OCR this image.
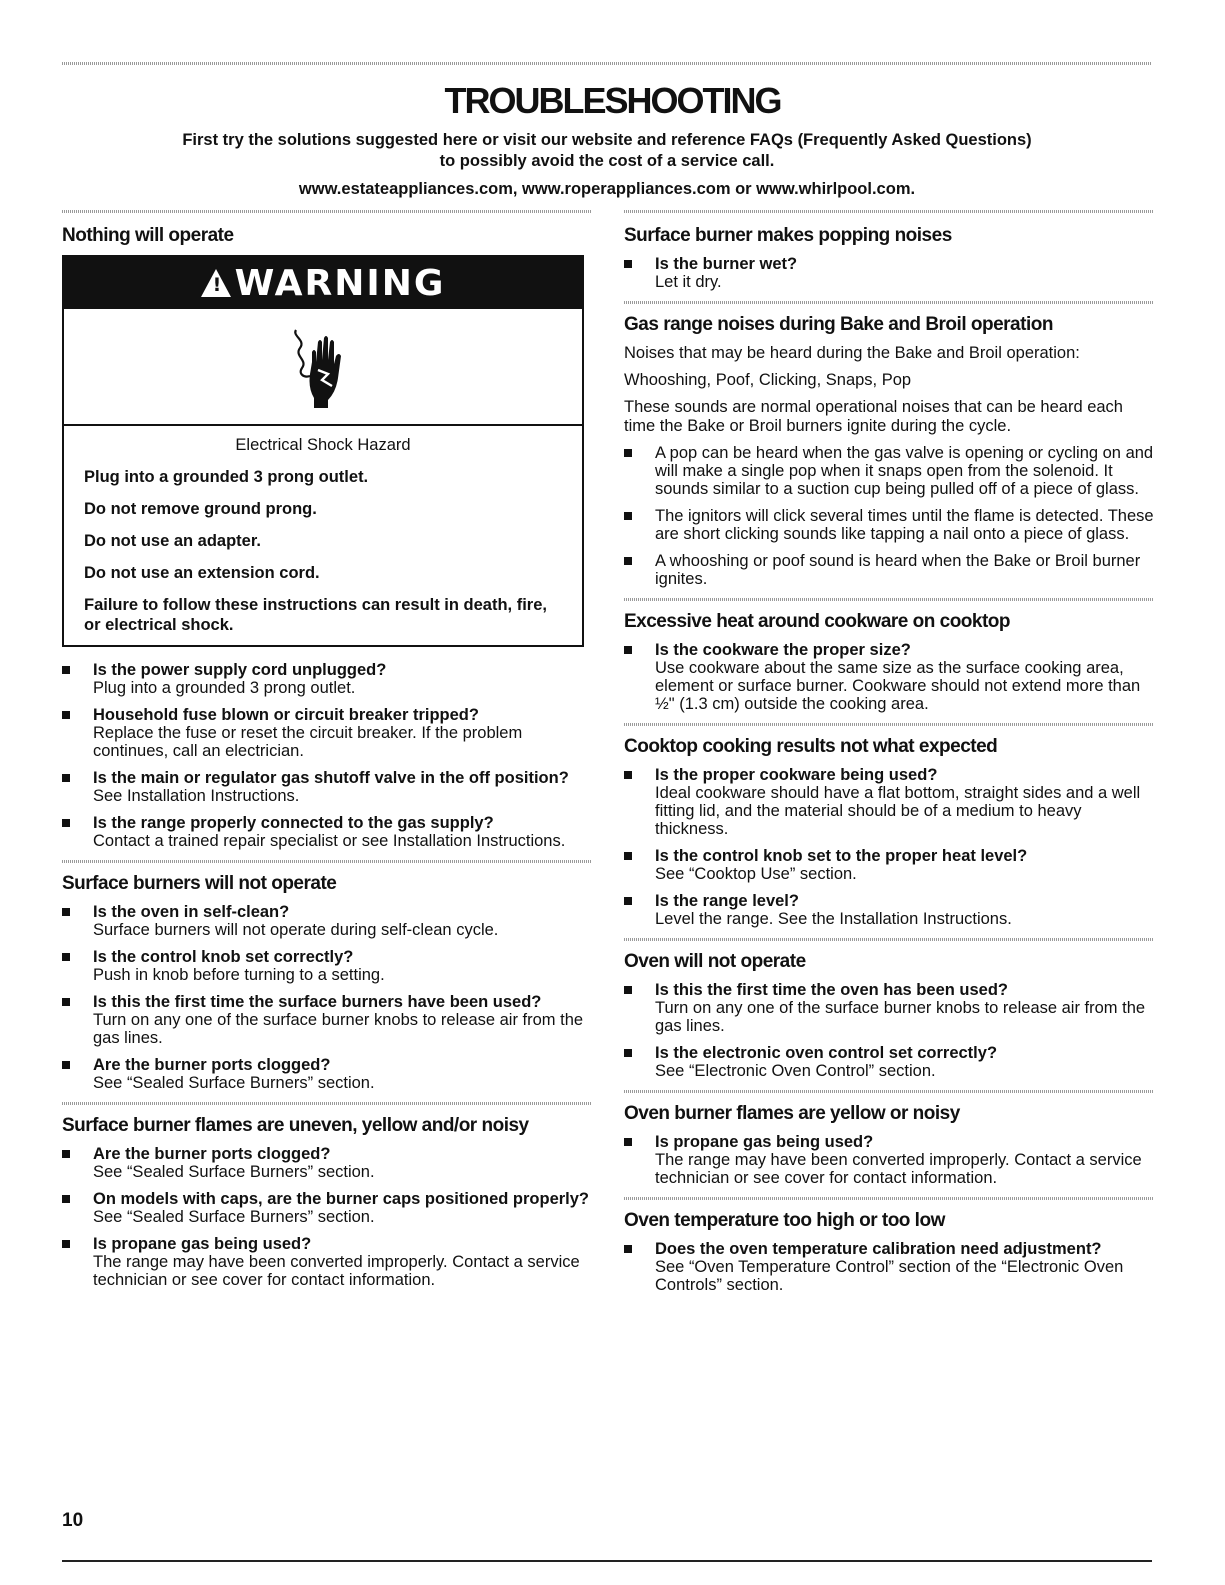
TROUBLESHOOTING
First try the solutions suggested here or visit our website and reference FAQs (Frequently Asked Questions)
to possibly avoid the cost of a service call.
www.estateappliances.com, www.roperappliances.com or www.whirlpool.com.
Nothing will operate
! WARNING
Electrical Shock Hazard
Plug into a grounded 3 prong outlet.
Do not remove ground prong.
Do not use an adapter.
Do not use an extension cord.
Failure to follow these instructions can result in death, fire, or electrical shock.
Is the power supply cord unplugged?
Plug into a grounded 3 prong outlet.
Household fuse blown or circuit breaker tripped?
Replace the fuse or reset the circuit breaker. If the problem continues, call an electrician.
Is the main or regulator gas shutoff valve in the off position?
See Installation Instructions.
Is the range properly connected to the gas supply?
Contact a trained repair specialist or see Installation Instructions.
Surface burners will not operate
Is the oven in self-clean?
Surface burners will not operate during self-clean cycle.
Is the control knob set correctly?
Push in knob before turning to a setting.
Is this the first time the surface burners have been used?
Turn on any one of the surface burner knobs to release air from the gas lines.
Are the burner ports clogged?
See “Sealed Surface Burners” section.
Surface burner flames are uneven, yellow and/or noisy
Are the burner ports clogged?
See “Sealed Surface Burners” section.
On models with caps, are the burner caps positioned properly?
See “Sealed Surface Burners” section.
Is propane gas being used?
The range may have been converted improperly. Contact a service technician or see cover for contact information.
Surface burner makes popping noises
Is the burner wet?
Let it dry.
Gas range noises during Bake and Broil operation
Noises that may be heard during the Bake and Broil operation:
Whooshing, Poof, Clicking, Snaps, Pop
These sounds are normal operational noises that can be heard each time the Bake or Broil burners ignite during the cycle.
A pop can be heard when the gas valve is opening or cycling on and will make a single pop when it snaps open from the solenoid. It sounds similar to a suction cup being pulled off of a piece of glass.
The ignitors will click several times until the flame is detected. These are short clicking sounds like tapping a nail onto a piece of glass.
A whooshing or poof sound is heard when the Bake or Broil burner ignites.
Excessive heat around cookware on cooktop
Is the cookware the proper size?
Use cookware about the same size as the surface cooking area, element or surface burner. Cookware should not extend more than ½" (1.3 cm) outside the cooking area.
Cooktop cooking results not what expected
Is the proper cookware being used?
Ideal cookware should have a flat bottom, straight sides and a well fitting lid, and the material should be of a medium to heavy thickness.
Is the control knob set to the proper heat level?
See “Cooktop Use” section.
Is the range level?
Level the range. See the Installation Instructions.
Oven will not operate
Is this the first time the oven has been used?
Turn on any one of the surface burner knobs to release air from the gas lines.
Is the electronic oven control set correctly?
See “Electronic Oven Control” section.
Oven burner flames are yellow or noisy
Is propane gas being used?
The range may have been converted improperly. Contact a service technician or see cover for contact information.
Oven temperature too high or too low
Does the oven temperature calibration need adjustment?
See “Oven Temperature Control” section of the “Electronic Oven Controls” section.
10
